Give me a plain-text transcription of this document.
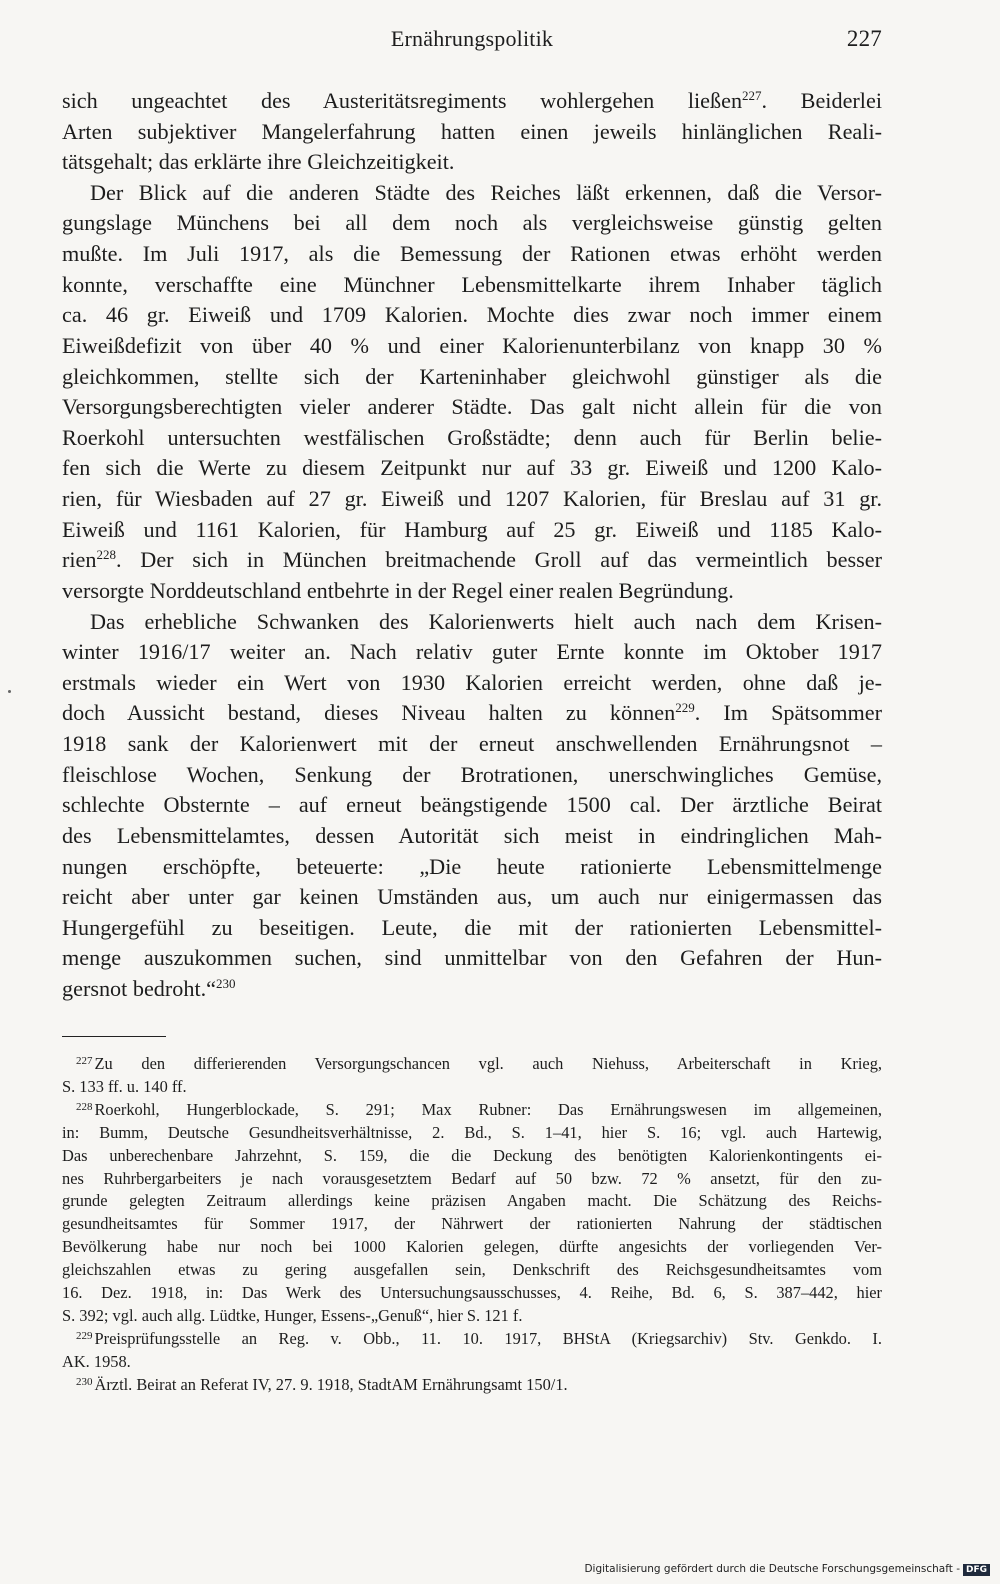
Ernährungspolitik	227
sich ungeachtet des Austeritätsregiments wohlergehen ließen$^{227}$. Beiderlei
Arten subjektiver Mangelerfahrung hatten einen jeweils hinlänglichen Reali-
tätsgehalt; das erklärte ihre Gleichzeitigkeit.
Der Blick auf die anderen Städte des Reiches läßt erkennen, daß die Versor-
gungslage Münchens bei all dem noch als vergleichsweise günstig gelten
mußte. Im Juli 1917, als die Bemessung der Rationen etwas erhöht werden
konnte, verschaffte eine Münchner Lebensmittelkarte ihrem Inhaber täglich
ca. 46 gr. Eiweiß und 1709 Kalorien. Mochte dies zwar noch immer einem
Eiweißdefizit von über 40 % und einer Kalorienunterbilanz von knapp 30 %
gleichkommen, stellte sich der Karteninhaber gleichwohl günstiger als die
Versorgungsberechtigten vieler anderer Städte. Das galt nicht allein für die von
Roerkohl untersuchten westfälischen Großstädte; denn auch für Berlin belie-
fen sich die Werte zu diesem Zeitpunkt nur auf 33 gr. Eiweiß und 1200 Kalo-
rien, für Wiesbaden auf 27 gr. Eiweiß und 1207 Kalorien, für Breslau auf 31 gr.
Eiweiß und 1161 Kalorien, für Hamburg auf 25 gr. Eiweiß und 1185 Kalo-
rien$^{228}$. Der sich in München breitmachende Groll auf das vermeintlich besser
versorgte Norddeutschland entbehrte in der Regel einer realen Begründung.
Das erhebliche Schwanken des Kalorienwerts hielt auch nach dem Krisen-
winter 1916/17 weiter an. Nach relativ guter Ernte konnte im Oktober 1917
erstmals wieder ein Wert von 1930 Kalorien erreicht werden, ohne daß je-
doch Aussicht bestand, dieses Niveau halten zu können$^{229}$. Im Spätsommer
1918 sank der Kalorienwert mit der erneut anschwellenden Ernährungsnot –
fleischlose Wochen, Senkung der Brotrationen, unerschwingliches Gemüse,
schlechte Obsternte – auf erneut beängstigende 1500 cal. Der ärztliche Beirat
des Lebensmittelamtes, dessen Autorität sich meist in eindringlichen Mah-
nungen erschöpfte, beteuerte: „Die heute rationierte Lebensmittelmenge
reicht aber unter gar keinen Umständen aus, um auch nur einigermassen das
Hungergefühl zu beseitigen. Leute, die mit der rationierten Lebensmittel-
menge auszukommen suchen, sind unmittelbar von den Gefahren der Hun-
gersnot bedroht.“$^{230}$
$^{227}$ Zu den differierenden Versorgungschancen vgl. auch Niehuss, Arbeiterschaft in Krieg,
S. 133 ff. u. 140 ff.
$^{228}$ Roerkohl, Hungerblockade, S. 291; Max Rubner: Das Ernährungswesen im allgemeinen,
in: Bumm, Deutsche Gesundheitsverhältnisse, 2. Bd., S. 1–41, hier S. 16; vgl. auch Hartewig,
Das unberechenbare Jahrzehnt, S. 159, die die Deckung des benötigten Kalorienkontingents ei-
nes Ruhrbergarbeiters je nach vorausgesetztem Bedarf auf 50 bzw. 72 % ansetzt, für den zu-
grunde gelegten Zeitraum allerdings keine präzisen Angaben macht. Die Schätzung des Reichs-
gesundheitsamtes für Sommer 1917, der Nährwert der rationierten Nahrung der städtischen
Bevölkerung habe nur noch bei 1000 Kalorien gelegen, dürfte angesichts der vorliegenden Ver-
gleichszahlen etwas zu gering ausgefallen sein, Denkschrift des Reichsgesundheitsamtes vom
16. Dez. 1918, in: Das Werk des Untersuchungsausschusses, 4. Reihe, Bd. 6, S. 387–442, hier
S. 392; vgl. auch allg. Lüdtke, Hunger, Essens-„Genuß“, hier S. 121 f.
$^{229}$ Preisprüfungsstelle an Reg. v. Obb., 11. 10. 1917, BHStA (Kriegsarchiv) Stv. Genkdo. I.
AK. 1958.
$^{230}$ Ärztl. Beirat an Referat IV, 27. 9. 1918, StadtAM Ernährungsamt 150/1.
Digitalisierung gefördert durch die Deutsche Forschungsgemeinschaft - DFG
